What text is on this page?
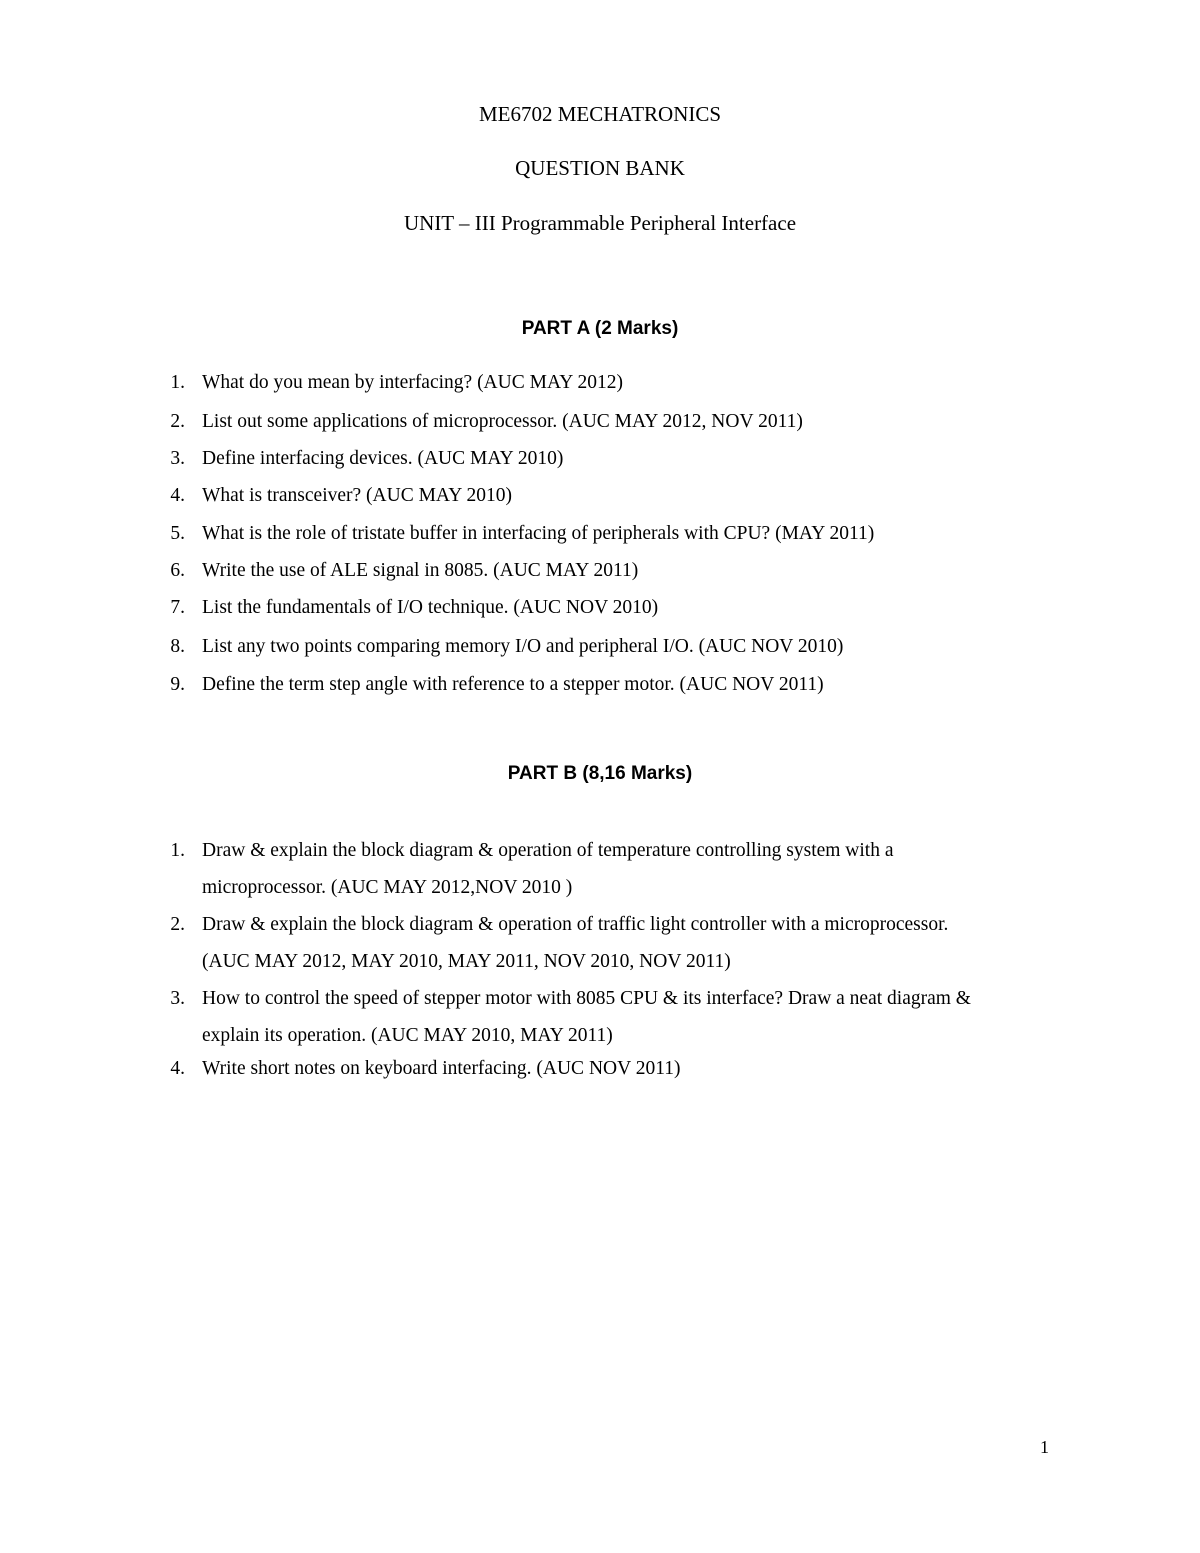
ME6702 MECHATRONICS
QUESTION BANK
UNIT – III Programmable Peripheral Interface
PART A (2 Marks)
1. What do you mean by interfacing? (AUC MAY 2012)
2. List out some applications of microprocessor. (AUC MAY 2012, NOV 2011)
3. Define interfacing devices. (AUC MAY 2010)
4. What is transceiver? (AUC MAY 2010)
5. What is the role of tristate buffer in interfacing of peripherals with CPU? (MAY 2011)
6. Write the use of ALE signal in 8085. (AUC MAY 2011)
7. List the fundamentals of I/O technique. (AUC NOV 2010)
8. List any two points comparing memory I/O and peripheral I/O. (AUC NOV 2010)
9. Define the term step angle with reference to a stepper motor. (AUC NOV 2011)
PART B (8,16 Marks)
1. Draw & explain the block diagram & operation of temperature controlling system with a
microprocessor. (AUC MAY 2012,NOV 2010 )
2. Draw & explain the block diagram & operation of traffic light controller with a microprocessor.
(AUC MAY 2012, MAY 2010, MAY 2011, NOV 2010, NOV 2011)
3. How to control the speed of stepper motor with 8085 CPU & its interface? Draw a neat diagram &
explain its operation. (AUC MAY 2010, MAY 2011)
4. Write short notes on keyboard interfacing. (AUC NOV 2011)
1
